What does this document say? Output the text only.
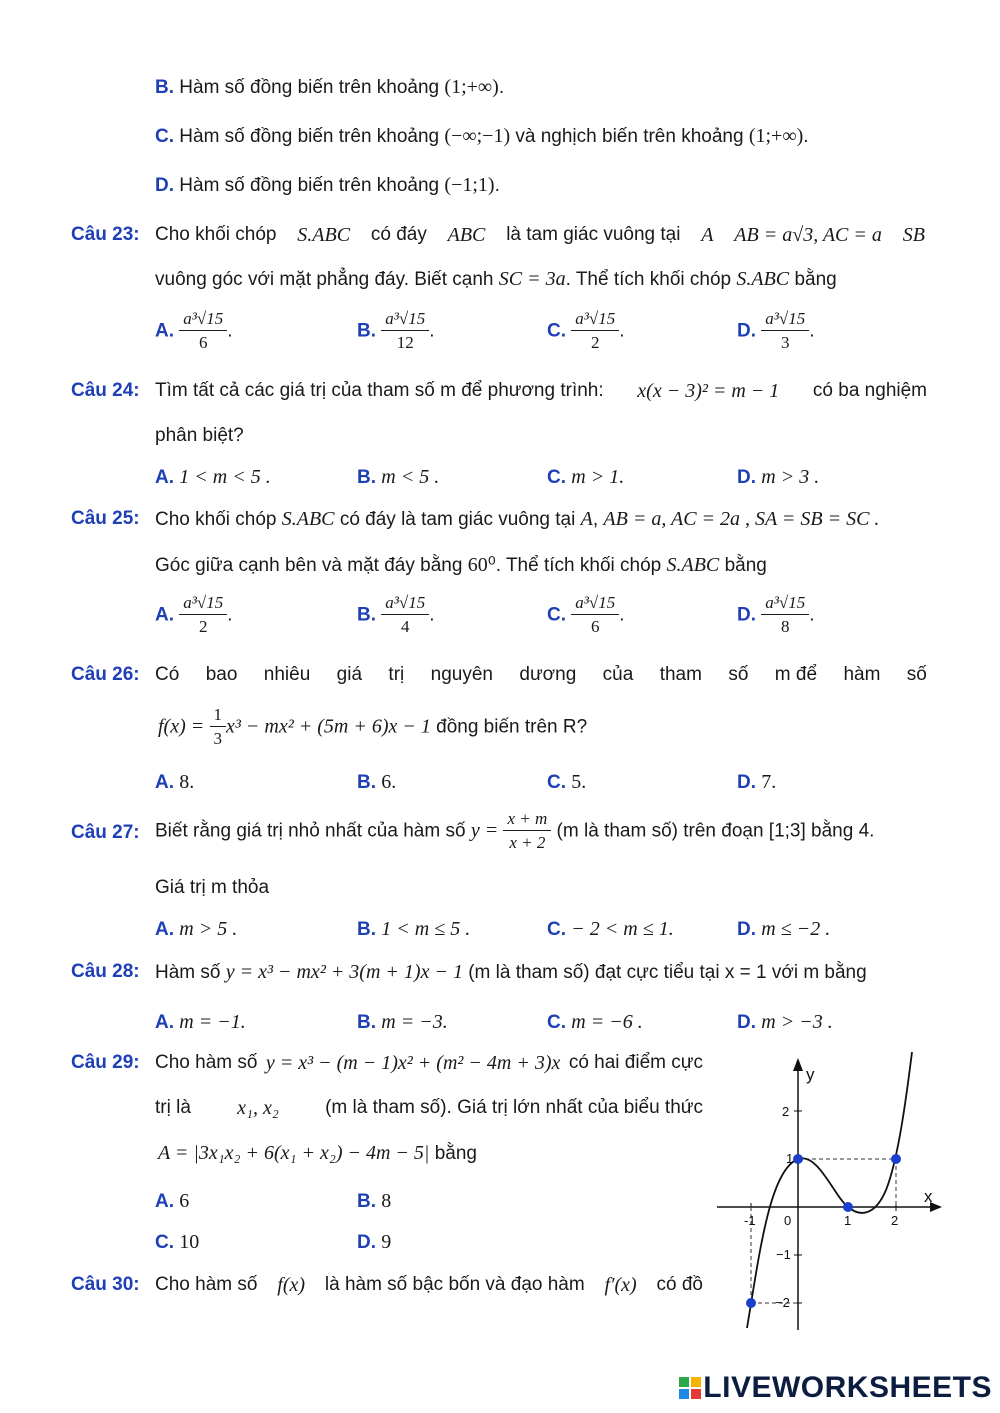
B. Hàm số đồng biến trên khoảng (1;+∞).
C. Hàm số đồng biến trên khoảng (−∞;−1) và nghịch biến trên khoảng (1;+∞).
D. Hàm số đồng biến trên khoảng (−1;1).
Câu 23: Cho khối chóp S.ABC có đáy ABC là tam giác vuông tại A AB = a√3, AC = a SB
vuông góc với mặt phẳng đáy. Biết cạnh SC = 3a. Thể tích khối chóp S.ABC bằng
A. $\frac{\text{a³√15}}{6}$ .	B. $\frac{\text{a³√15}}{12}$ .	C. $\frac{\text{a³√15}}{2}$ .	D. $\frac{\text{a³√15}}{3}$ .
Câu 24: Tìm tất cả các giá trị của tham số m để phương trình: x(x − 3)² = m − 1 có ba nghiệm
phân biệt?
A. 1 < m < 5 .	B. m < 5 .	C. m > 1.	D. m > 3 .
Câu 25: Cho khối chóp S.ABC có đáy là tam giác vuông tại A, AB = a, AC = 2a , SA = SB = SC .
Góc giữa cạnh bên và mặt đáy bằng 60⁰. Thể tích khối chóp S.ABC bằng
A. $\frac{\text{a³√15}}{2}$ .	B. $\frac{\text{a³√15}}{4}$ .	C. $\frac{\text{a³√15}}{6}$ .	D. $\frac{\text{a³√15}}{8}$ .
Câu 26: Có bao nhiêu giá trị nguyên dương của tham số m để hàm số
$f(x) = \frac{1}{3} x^3 - mx^2 + (5m + 6)x - 1$ đồng biến trên R?
A. 8.	B. 6.	C. 5.	D. 7.
Câu 27: Biết rằng giá trị nhỏ nhất của hàm số $y = \frac{x + m}{x + 2} (m$ là tham số) trên đoạn [1;3] bằng 4.
Giá trị m thỏa
A. m > 5 .	B. 1 < m ≤ 5 .	C. − 2 < m ≤ 1.	D. m ≤ −2 .
Câu 28: Hàm số y = x³ − mx² + 3(m + 1)x − 1 (m là tham số) đạt cực tiểu tại x = 1 với m bằng
A. m = −1.	B. m = −3.	C. m = −6 .	D. m > −3 .
Câu 29: Cho hàm số y = x³ − (m − 1)x² + (m² − 4m + 3)x có hai điểm cực
trị là x₁, x₂ (m là tham số). Giá trị lớn nhất của biểu thức
A = |3x₁x₂ + 6(x₁ + x₂) − 4m − 5| bằng
A. 6	B. 8
C. 10	D. 9
Câu 30: Cho hàm số f(x) là hàm số bậc bốn và đạo hàm f′(x) có đồ
y
x
2
1
−1
−2
-1 0	1	2
LIVEWORKSHEETS
